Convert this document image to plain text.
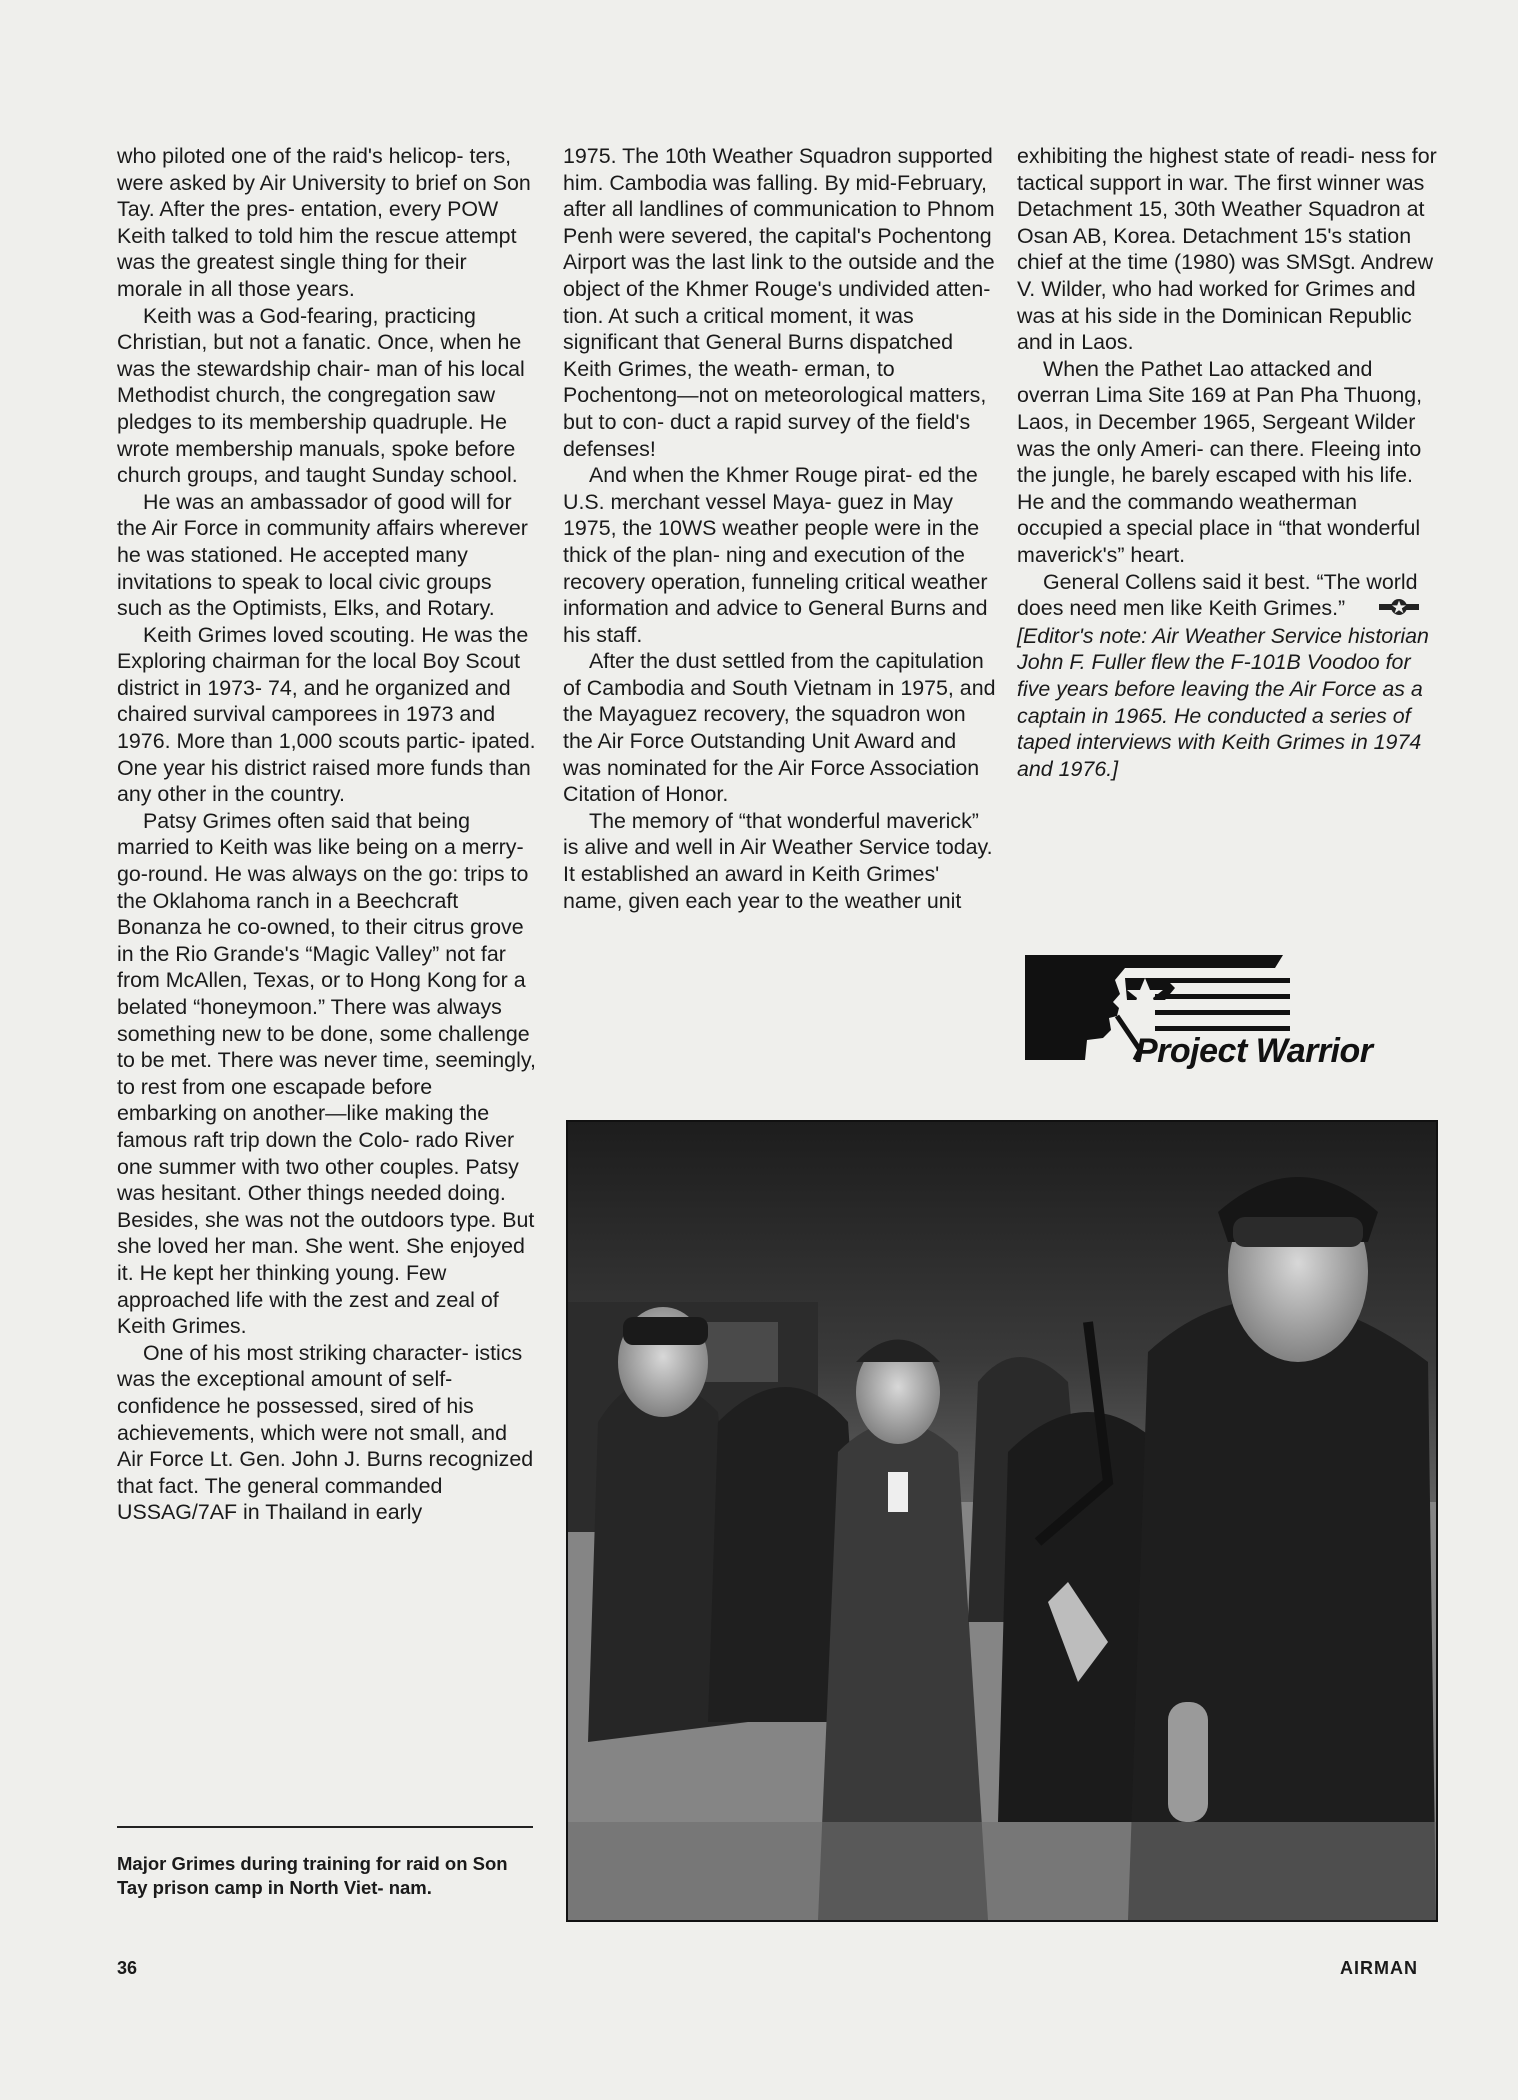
who piloted one of the raid's helicop- ters, were asked by Air University to brief on Son Tay. After the pres- entation, every POW Keith talked to told him the rescue attempt was the greatest single thing for their morale in all those years.

Keith was a God-fearing, practicing Christian, but not a fanatic. Once, when he was the stewardship chair- man of his local Methodist church, the congregation saw pledges to its membership quadruple. He wrote membership manuals, spoke before church groups, and taught Sunday school.

He was an ambassador of good will for the Air Force in community affairs wherever he was stationed. He accepted many invitations to speak to local civic groups such as the Optimists, Elks, and Rotary.

Keith Grimes loved scouting. He was the Exploring chairman for the local Boy Scout district in 1973- 74, and he organized and chaired survival camporees in 1973 and 1976. More than 1,000 scouts partic- ipated. One year his district raised more funds than any other in the country.

Patsy Grimes often said that being married to Keith was like being on a merry-go-round. He was always on the go: trips to the Oklahoma ranch in a Beechcraft Bonanza he co-owned, to their citrus grove in the Rio Grande's “Magic Valley” not far from McAllen, Texas, or to Hong Kong for a belated “honeymoon.” There was always something new to be done, some challenge to be met. There was never time, seemingly, to rest from one escapade before embarking on another—like making the famous raft trip down the Colo- rado River one summer with two other couples. Patsy was hesitant. Other things needed doing. Besides, she was not the outdoors type. But she loved her man. She went. She enjoyed it. He kept her thinking young. Few approached life with the zest and zeal of Keith Grimes.

One of his most striking character- istics was the exceptional amount of self-confidence he possessed, sired of his achievements, which were not small, and Air Force Lt. Gen. John J. Burns recognized that fact. The general commanded USSAG/7AF in Thailand in early

1975. The 10th Weather Squadron supported him. Cambodia was falling. By mid-February, after all landlines of communication to Phnom Penh were severed, the capital's Pochentong Airport was the last link to the outside and the object of the Khmer Rouge's undivided atten- tion. At such a critical moment, it was significant that General Burns dispatched Keith Grimes, the weath- erman, to Pochentong—not on meteorological matters, but to con- duct a rapid survey of the field's defenses!

And when the Khmer Rouge pirat- ed the U.S. merchant vessel Maya- guez in May 1975, the 10WS weather people were in the thick of the plan- ning and execution of the recovery operation, funneling critical weather information and advice to General Burns and his staff.

After the dust settled from the capitulation of Cambodia and South Vietnam in 1975, and the Mayaguez recovery, the squadron won the Air Force Outstanding Unit Award and was nominated for the Air Force Association Citation of Honor.

The memory of “that wonderful maverick” is alive and well in Air Weather Service today. It established an award in Keith Grimes' name, given each year to the weather unit

exhibiting the highest state of readi- ness for tactical support in war. The first winner was Detachment 15, 30th Weather Squadron at Osan AB, Korea. Detachment 15's station chief at the time (1980) was SMSgt. Andrew V. Wilder, who had worked for Grimes and was at his side in the Dominican Republic and in Laos.

When the Pathet Lao attacked and overran Lima Site 169 at Pan Pha Thuong, Laos, in December 1965, Sergeant Wilder was the only Ameri- can there. Fleeing into the jungle, he barely escaped with his life. He and the commando weatherman occupied a special place in “that wonderful maverick's” heart.

General Collens said it best. “The world does need men like Keith Grimes.”

[Editor's note: Air Weather Service historian John F. Fuller flew the F-101B Voodoo for five years before leaving the Air Force as a captain in 1965. He conducted a series of taped interviews with Keith Grimes in 1974 and 1976.]

Project Warrior
Major Grimes during training for raid on Son Tay prison camp in North Viet- nam.
36	AIRMAN
